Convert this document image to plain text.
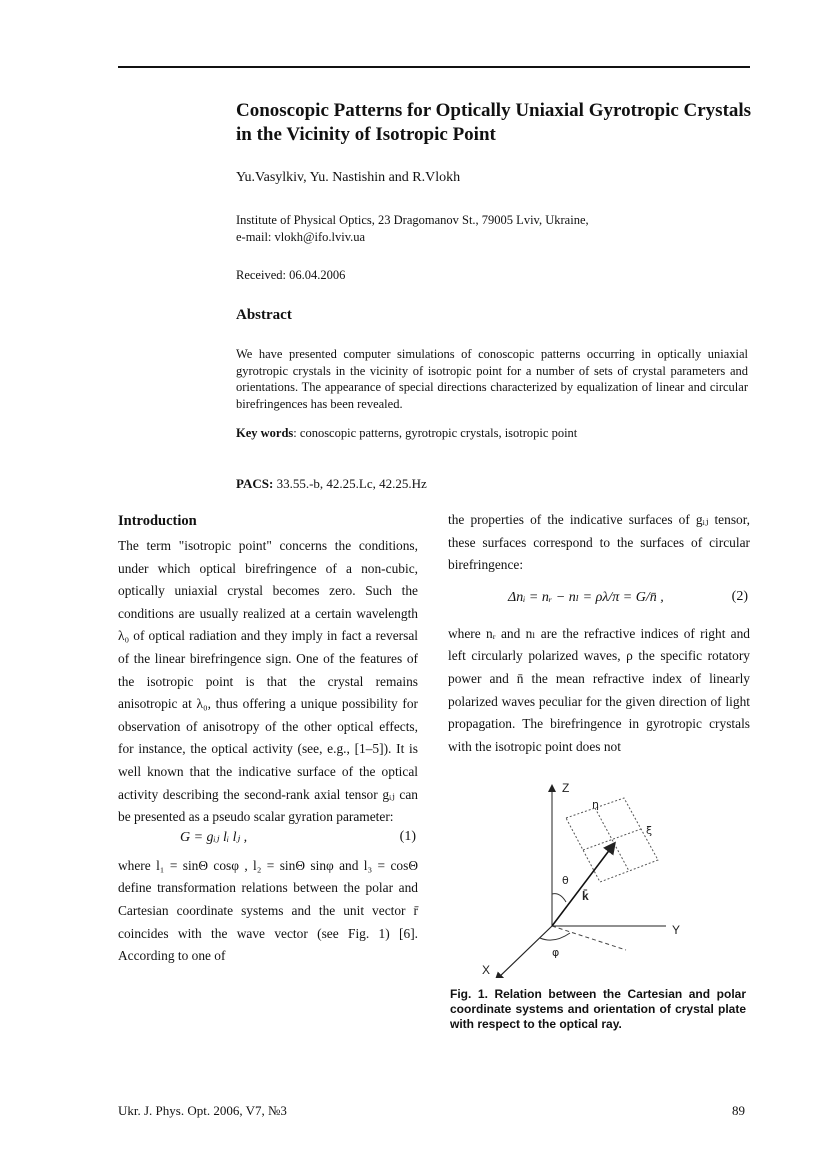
Conoscopic Patterns for Optically Uniaxial Gyrotropic Crystals in the Vicinity of Isotropic Point
Yu.Vasylkiv, Yu. Nastishin and R.Vlokh
Institute of Physical Optics, 23 Dragomanov St., 79005 Lviv, Ukraine,
e-mail: vlokh@ifo.lviv.ua
Received: 06.04.2006
Abstract
We have presented computer simulations of conoscopic patterns occurring in optically uniaxial gyrotropic crystals in the vicinity of isotropic point for a number of sets of crystal parameters and orientations. The appearance of special directions characterized by equalization of linear and circular birefringences has been revealed.
Key words: conoscopic patterns, gyrotropic crystals, isotropic point
PACS: 33.55.-b, 42.25.Lc, 42.25.Hz
Introduction
The term "isotropic point" concerns the conditions, under which optical birefringence of a non-cubic, optically uniaxial crystal becomes zero. Such the conditions are usually realized at a certain wavelength λ₀ of optical radiation and they imply in fact a reversal of the linear birefringence sign. One of the features of the isotropic point is that the crystal remains anisotropic at λ₀, thus offering a unique possibility for observation of anisotropy of the other optical effects, for instance, the optical activity (see, e.g., [1–5]). It is well known that the indicative surface of the optical activity describing the second-rank axial tensor gᵢⱼ can be presented as a pseudo scalar gyration parameter:
G = gᵢⱼ lᵢ lⱼ ,	(1)
where l₁ = sinΘ cosφ , l₂ = sinΘ sinφ and l₃ = cosΘ define transformation relations between the polar and Cartesian coordinate systems and the unit vector r̄ coincides with the wave vector (see Fig. 1) [6]. According to one of
the properties of the indicative surfaces of gᵢⱼ tensor, these surfaces correspond to the surfaces of circular birefringence:
Δnᵢ = nᵣ − nₗ = ρλ/π = G/n̄ ,	(2)
where nᵣ and nₗ are the refractive indices of right and left circularly polarized waves, ρ the specific rotatory power and n̄ the mean refractive index of linearly polarized waves peculiar for the given direction of light propagation. The birefringence in gyrotropic crystals with the isotropic point does not
Z
Y
X
η
ξ
θ
φ
k̄
Fig. 1. Relation between the Cartesian and polar coordinate systems and orientation of crystal plate with respect to the optical ray.
Ukr. J. Phys. Opt. 2006, V7, №3	89
